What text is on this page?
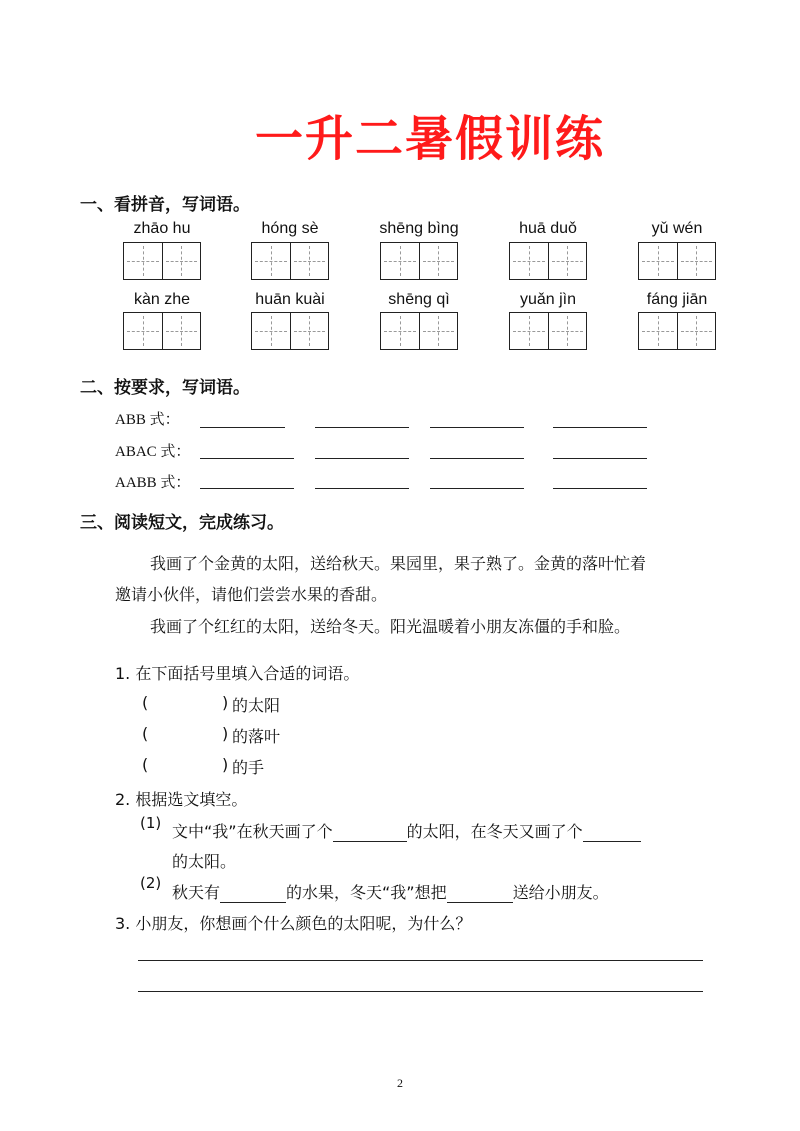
一升二暑假训练
一、看拼音，写词语。
zhāo hu	hóng sè	shēng bìng	huā duǒ	yǔ wén
kàn zhe	huān kuài	shēng qì	yuǎn jìn	fáng jiān
二、按要求，写词语。
ABB 式：
ABAC 式：
AABB 式：
三、阅读短文，完成练习。
我画了个金黄的太阳，送给秋天。果园里，果子熟了。金黄的落叶忙着
邀请小伙伴，请他们尝尝水果的香甜。
我画了个红红的太阳，送给冬天。阳光温暖着小朋友冻僵的手和脸。
1. 在下面括号里填入合适的词语。
(	) 的太阳
(	) 的落叶
(	) 的手
2. 根据选文填空。
(1) 文中“我”在秋天画了个	的太阳，在冬天又画了个
的太阳。
(2) 秋天有	的水果，冬天“我”想把	送给小朋友。
3. 小朋友，你想画个什么颜色的太阳呢，为什么？
2
